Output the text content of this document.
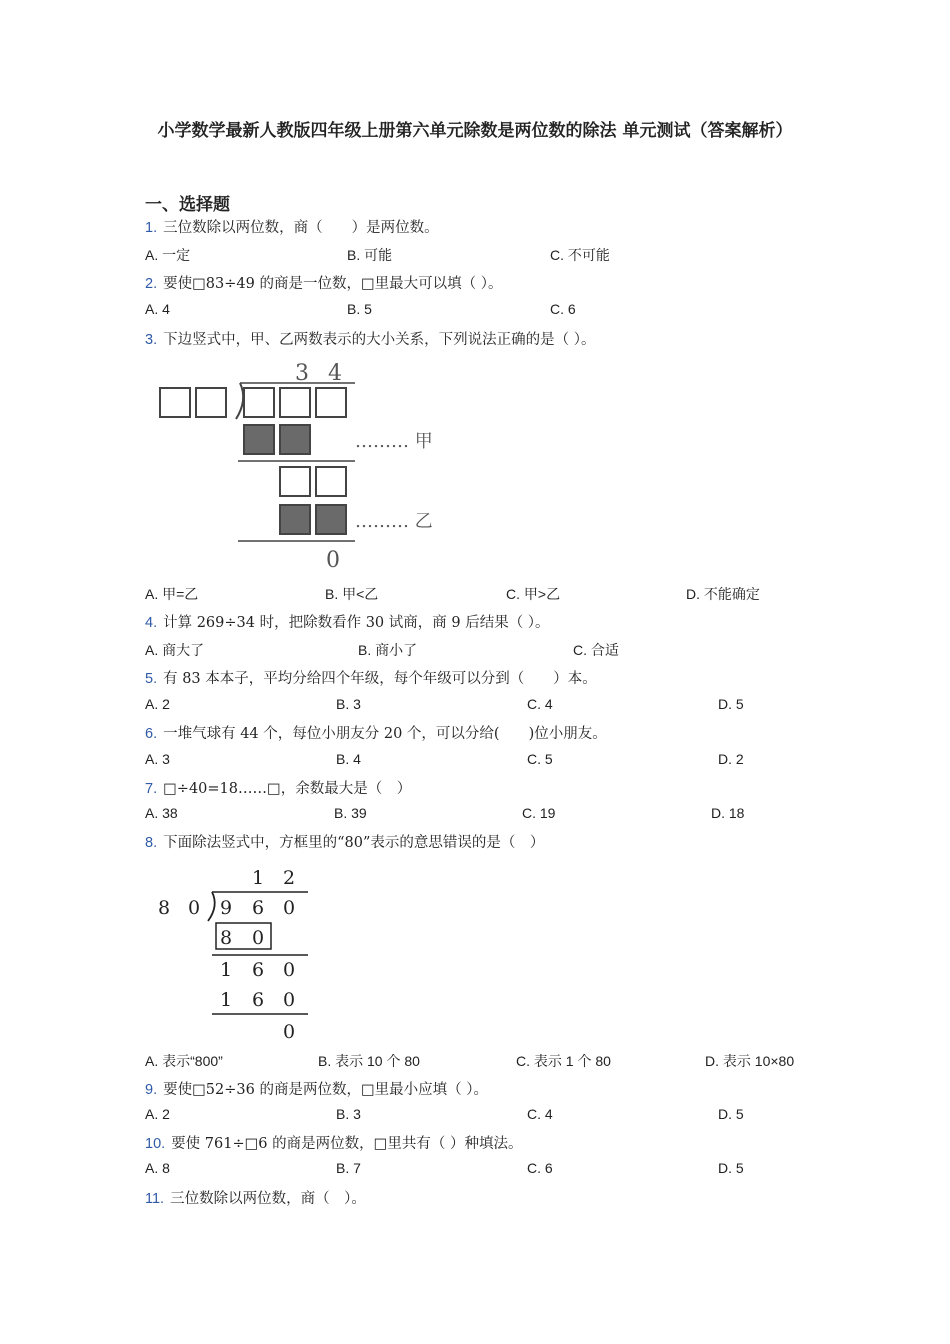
小学数学最新人教版四年级上册第六单元除数是两位数的除法 单元测试（答案解析）
一、选择题
1. 三位数除以两位数，商（　　）是两位数。
A. 一定	B. 可能	C. 不可能
2. 要使□83÷49 的商是一位数，□里最大可以填（ ）。
A. 4	B. 5	C. 6
3. 下边竖式中，甲、乙两数表示的大小关系，下列说法正确的是（ ）。
3 4
……… 甲
……… 乙
0
A. 甲=乙	B. 甲<乙	C. 甲>乙	D. 不能确定
4. 计算 269÷34 时，把除数看作 30 试商，商 9 后结果（ ）。
A. 商大了	B. 商小了	C. 合适
5. 有 83 本本子，平均分给四个年级，每个年级可以分到（　　）本。
A. 2	B. 3	C. 4	D. 5
6. 一堆气球有 44 个，每位小朋友分 20 个，可以分给(　　)位小朋友。
A. 3	B. 4	C. 5	D. 2
7. □÷40=18……□，余数最大是（　）
A. 38	B. 39	C. 19	D. 18
8. 下面除法竖式中，方框里的“80”表示的意思错误的是（　）
1 2
8 0 9 6 0
8 0
1 6 0
1 6 0
0
A. 表示“800”	B. 表示 10 个 80	C. 表示 1 个 80	D. 表示 10×80
9. 要使□52÷36 的商是两位数，□里最小应填（ ）。
A. 2	B. 3	C. 4	D. 5
10. 要使 761÷□6 的商是两位数，□里共有（ ）种填法。
A. 8	B. 7	C. 6	D. 5
11. 三位数除以两位数，商（　）。
